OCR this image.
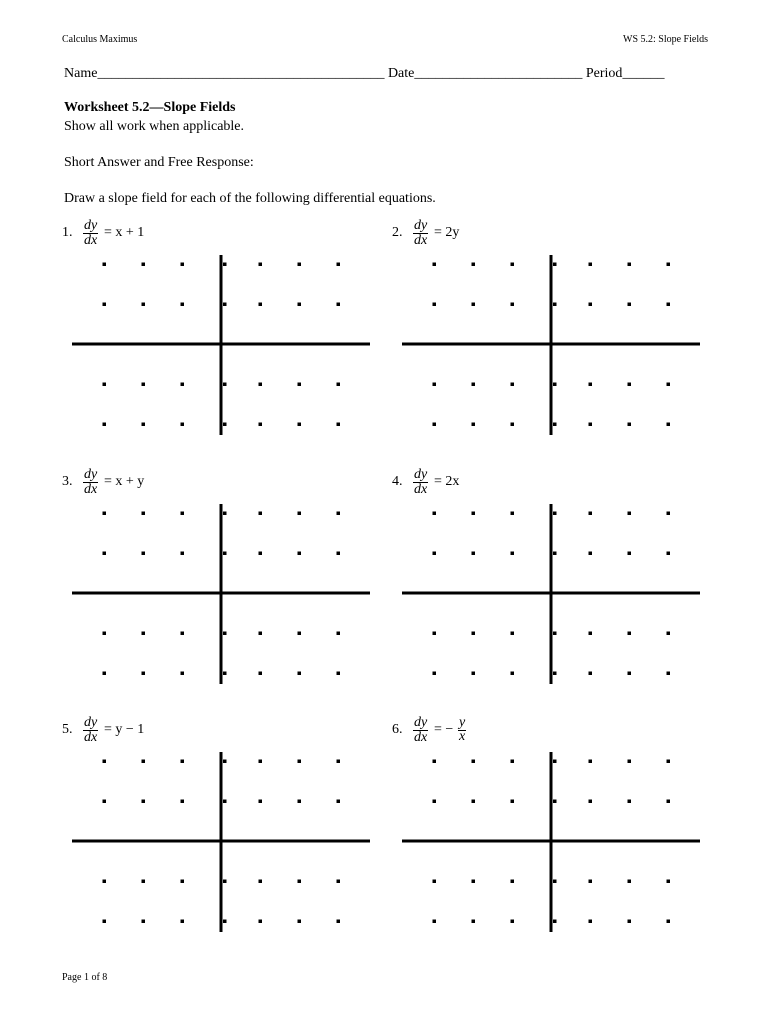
Calculus Maximus	WS 5.2: Slope Fields
Name_________________________________________ Date________________________ Period______
Worksheet 5.2—Slope Fields
Show all work when applicable.
Short Answer and Free Response:
Draw a slope field for each of the following differential equations.
1. $\frac{dy}{dx} = x + 1$	2. $\frac{dy}{dx} = 2y$
3. $\frac{dy}{dx} = x + y$	4. $\frac{dy}{dx} = 2x$
5. $\frac{dy}{dx} = y - 1$	6. $\frac{dy}{dx}$ = − y
x
Page 1 of 8
